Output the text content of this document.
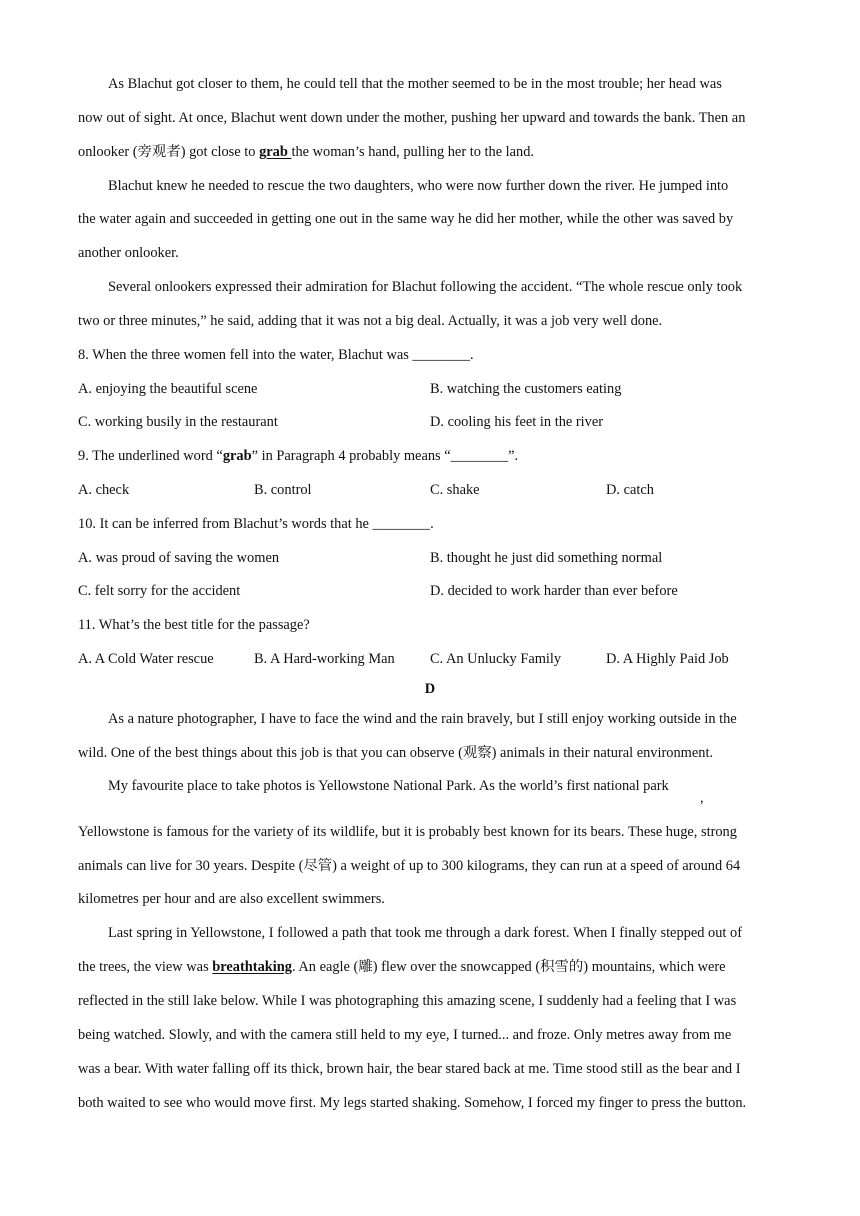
As Blachut got closer to them, he could tell that the mother seemed to be in the most trouble; her head was
now out of sight. At once, Blachut went down under the mother, pushing her upward and towards the bank. Then an
onlooker (旁观者) got close to grab the woman’s hand, pulling her to the land.
Blachut knew he needed to rescue the two daughters, who were now further down the river. He jumped into
the water again and succeeded in getting one out in the same way he did her mother, while the other was saved by
another onlooker.
Several onlookers expressed their admiration for Blachut following the accident. “The whole rescue only took
two or three minutes,” he said, adding that it was not a big deal. Actually, it was a job very well done.
8. When the three women fell into the water, Blachut was ________.
A. enjoying the beautiful scene	B. watching the customers eating
C. working busily in the restaurant	D. cooling his feet in the river
9. The underlined word “grab” in Paragraph 4 probably means “________”.
A. check	B. control	C. shake	D. catch
10. It can be inferred from Blachut’s words that he ________.
A. was proud of saving the women	B. thought he just did something normal
C. felt sorry for the accident	D. decided to work harder than ever before
11. What’s the best title for the passage?
A. A Cold Water rescue	B. A Hard-working Man C. An Unlucky Family	D. A Highly Paid Job
D
As a nature photographer, I have to face the wind and the rain bravely, but I still enjoy working outside in the
wild. One of the best things about this job is that you can observe (观察) animals in their natural environment.
My favourite place to take photos is Yellowstone National Park. As the world’s first national park
,
Yellowstone is famous for the variety of its wildlife, but it is probably best known for its bears. These huge, strong
animals can live for 30 years. Despite (尽管) a weight of up to 300 kilograms, they can run at a speed of around 64
kilometres per hour and are also excellent swimmers.
Last spring in Yellowstone, I followed a path that took me through a dark forest. When I finally stepped out of
the trees, the view was breathtaking. An eagle (雕) flew over the snowcapped (积雪的) mountains, which were
reflected in the still lake below. While I was photographing this amazing scene, I suddenly had a feeling that I was
being watched. Slowly, and with the camera still held to my eye, I turned... and froze. Only metres away from me
was a bear. With water falling off its thick, brown hair, the bear stared back at me. Time stood still as the bear and I
both waited to see who would move first. My legs started shaking. Somehow, I forced my finger to press the button.
